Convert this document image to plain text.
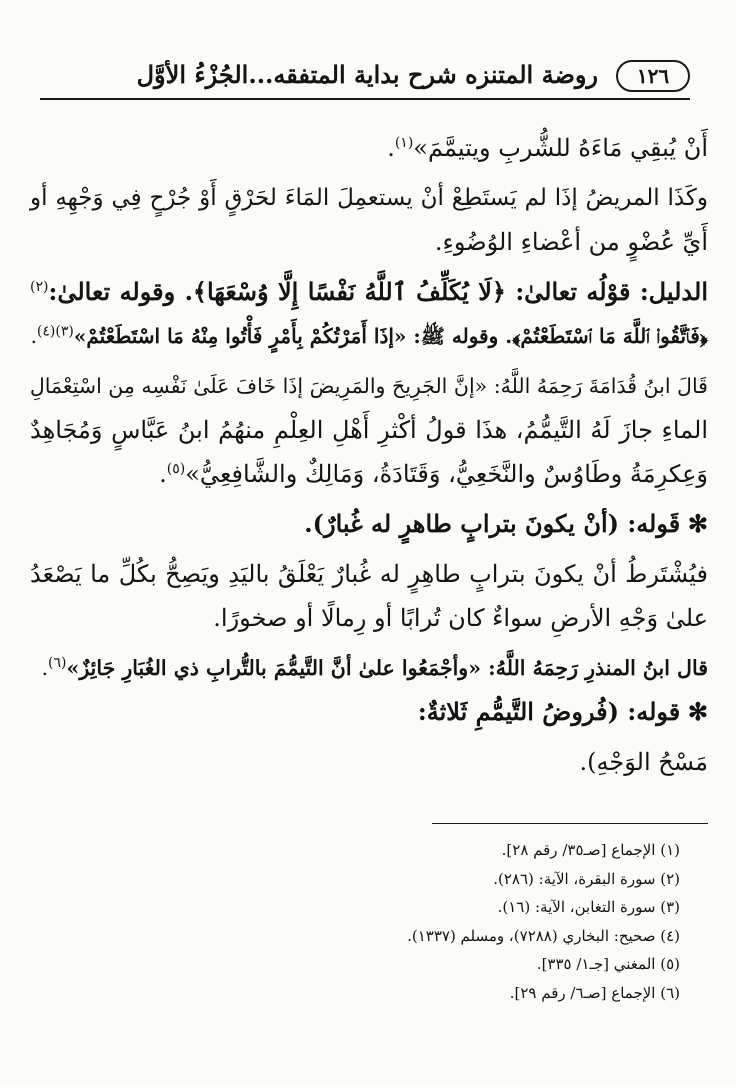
١٢٦
روضة المتنزه شرح بداية المتفقه...الجُزْءُ الأوَّل
أَنْ يُبقِي مَاءَهُ للشُّربِ ويتيمَّمَ»$^{(١)}$.
وكَذَا المريضُ إذَا لم يَستَطِعْ أنْ يستعمِلَ المَاءَ لحَرْقٍ أَوْ جُرْحٍ فِي وَجْهِهِ أو
أَيِّ عُضْوٍ من أعْضاءِ الوُضُوءِ.
الدليل: قوْلُه تعالىٰ: ﴿لَا يُكَلِّفُ ٱللَّهُ نَفْسًا إِلَّا وُسْعَهَا﴾. وقوله تعالىٰ:$^{(٢)}$
﴿فَٱتَّقُوا۟ ٱللَّهَ مَا ٱسْتَطَعْتُمْ﴾. وقوله ﷺ: «إذَا أَمَرْتُكُمْ بِأَمْرٍ فَأْتُوا مِنْهُ مَا اسْتَطَعْتُمْ»$^{(٣)(٤)}$.
قَالَ ابنُ قُدَامَةَ رَحِمَهُ اللَّهُ: «إنَّ الجَرِيحَ والمَرِيضَ إذَا خَافَ عَلَىٰ نَفْسِه مِن اسْتِعْمَالِ
الماءِ جازَ لَهُ التَّيمُّمُ، هذَا قولُ أكْثرِ أَهْلِ العِلْمِ منهُمُ ابنُ عَبَّاسٍ وَمُجَاهِدٌ
وَعِكرِمَةُ وطَاوُسٌ والنَّخَعِيُّ، وَقَتَادَةُ، وَمَالِكٌ والشَّافِعِيُّ»$^{(٥)}$.
✻ قَوله: (أنْ يكونَ بترابٍ طاهرٍ له غُبارٌ).
فيُشْتَرطُ أنْ يكونَ بترابٍ طاهِرٍ له غُبارٌ يَعْلَقُ باليَدِ ويَصِحُّ بكُلِّ ما يَصْعَدُ
علىٰ وَجْهِ الأرضِ سواءٌ كان تُرابًا أو رِمالًا أو صخورًا.
قال ابنُ المنذرِ رَحِمَهُ اللَّهُ: «وأجْمَعُوا علىٰ أنَّ التَّيمُّمَ بالتُّرابِ ذي الغُبَارِ جَائِزٌ»$^{(٦)}$.
✻ قوله: (فُروضُ التَّيمُّمِ ثَلاثةٌ:
مَسْحُ الوَجْهِ).
(١) الإجماع [صـ٣٥/ رقم ٢٨].
(٢) سورة البقرة، الآية: (٢٨٦).
(٣) سورة التغابن، الآية: (١٦).
(٤) صحيح: البخاري (٧٢٨٨)، ومسلم (١٣٣٧).
(٥) المغني [جـ١/ ٣٣٥].
(٦) الإجماع [صـ٦/ رقم ٢٩].
